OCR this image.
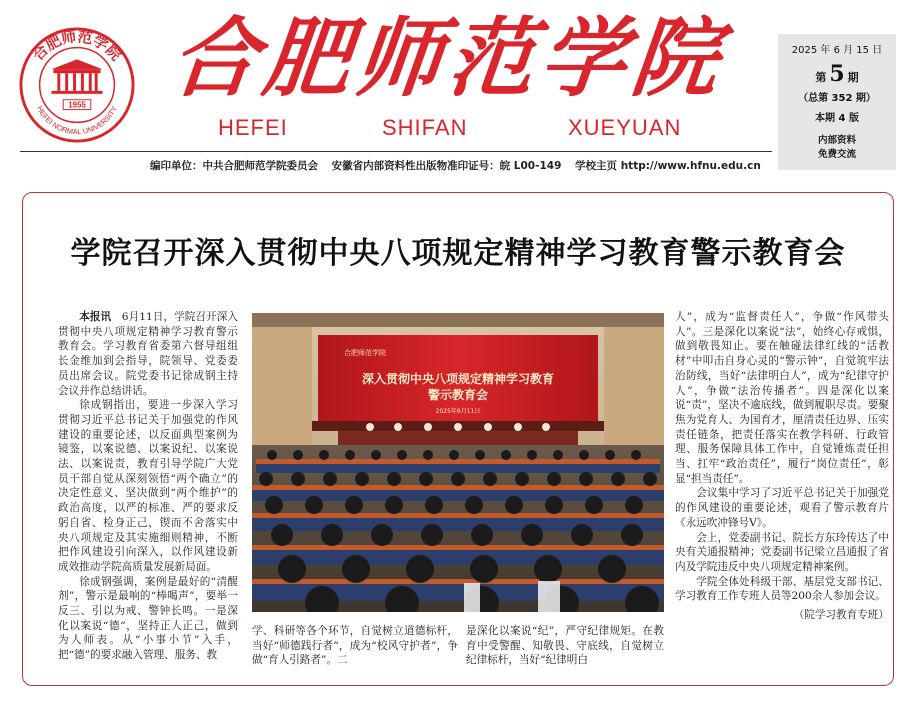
合肥师范学院
HEFEI NORMAL UNIVERSITY
1955 合肥师范学院
HEFEI	SHIFAN	XUEYUAN
2025 年 6 月 15 日
第 5 期
（总第 352 期）
本期 4 版
内部资料
免费交流
编印单位：中共合肥师范学院委员会 安徽省内部资料性出版物准印证号：皖 L00-149 学校主页 http://www.hfnu.edu.cn
学院召开深入贯彻中央八项规定精神学习教育警示教育会

本报讯  6月11日，学院召开深入贯彻中央八项规定精神学习教育警示教育会。学习教育省委第六督导组组长金维加到会指导，院领导、党委委员出席会议。院党委书记徐成钢主持会议并作总结讲话。

徐成钢指出，要进一步深入学习贯彻习近平总书记关于加强党的作风建设的重要论述，以反面典型案例为镜鉴，以案说德、以案说纪、以案说法、以案说责，教育引导学院广大党员干部自觉从深刻领悟“两个确立”的决定性意义、坚决做到“两个维护”的政治高度，以严的标准、严的要求反躬自省、检身正己，锲而不舍落实中央八项规定及其实施细则精神，不断把作风建设引向深入，以作风建设新成效推动学院高质量发展新局面。

徐成钢强调，案例是最好的“清醒剂”，警示是最响的“棒喝声”，要举一反三、引以为戒、警钟长鸣。一是深化以案说“德”，坚持正人正己，做到为人师表。从“小事小节”入手，把“德”的要求融入管理、服务、教

学、科研等各个环节，自觉树立道德标杆，当好“师德践行者”，成为“校风守护者”，争做“育人引路者”。二
是深化以案说“纪”，严守纪律规矩。在教育中受警醒、知敬畏、守底线，自觉树立纪律标杆，当好“纪律明白

人”，成为“监督责任人”，争做“作风带头人”。三是深化以案说“法”，始终心存戒惧，做到敬畏知止。要在触碰法律红线的“活教材”中叩击自身心灵的“警示钟”，自觉筑牢法治防线，当好“法律明白人”，成为“纪律守护人”，争做“法治传播者”。四是深化以案说“责”，坚决不逾底线，做到履职尽责。要聚焦为党育人、为国育才，厘清责任边界、压实责任链条，把责任落实在教学科研、行政管理、服务保障具体工作中，自觉锤炼责任担当、扛牢“政治责任”，履行“岗位责任”，彰显“担当责任”。

会议集中学习了习近平总书记关于加强党的作风建设的重要论述，观看了警示教育片《永远吹冲锋号Ⅴ》。

会上，党委副书记、院长方东玲传达了中央有关通报精神；党委副书记梁立昌通报了省内及学院违反中央八项规定精神案例。

学院全体处科级干部、基层党支部书记、学习教育工作专班人员等200余人参加会议。

（院学习教育专班）

合肥师范学院
深入贯彻中央八项规定精神学习教育
警示教育会
2025年6月11日
